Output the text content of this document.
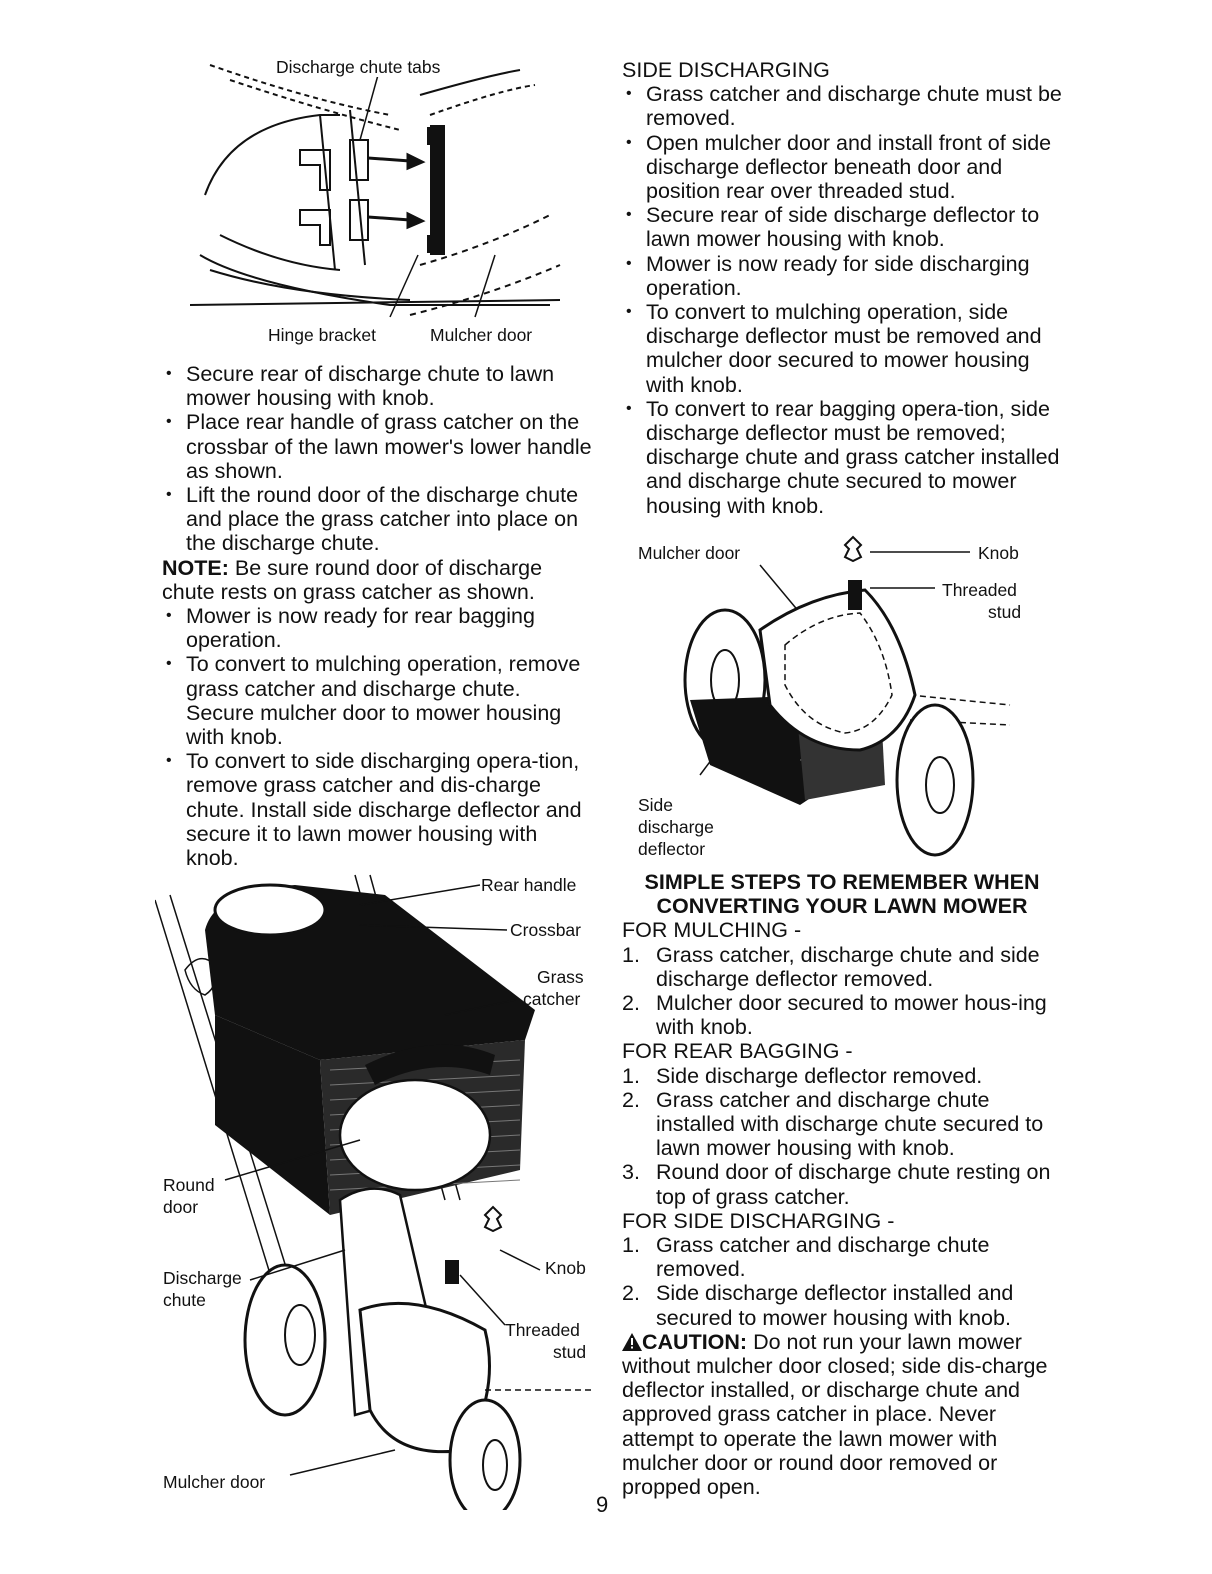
Discharge chute tabs
Hinge bracket	Mulcher door
• Secure rear of discharge chute to lawn mower housing with knob.
• Place rear handle of grass catcher on the crossbar of the lawn mower's lower handle as shown.
• Lift the round door of the discharge chute and place the grass catcher into place on the discharge chute.
NOTE: Be sure round door of discharge chute rests on grass catcher as shown.
• Mower is now ready for rear bagging operation.
• To convert to mulching operation, remove grass catcher and discharge chute. Secure mulcher door to mower housing with knob.
• To convert to side discharging opera-tion, remove grass catcher and dis-charge chute. Install side discharge deflector and secure it to lawn mower housing with knob.
Rear handle
Crossbar
Grass
catcher
Round
door
Discharge
chute
Knob
Threaded
stud
Mulcher door
9
SIDE DISCHARGING
• Grass catcher and discharge chute must be removed.
• Open mulcher door and install front of side discharge deflector beneath door and position rear over threaded stud.
• Secure rear of side discharge deflector to lawn mower housing with knob.
• Mower is now ready for side discharging operation.
• To convert to mulching operation, side discharge deflector must be removed and mulcher door secured to mower housing with knob.
• To convert to rear bagging opera-tion, side discharge deflector must be removed; discharge chute and grass catcher installed and discharge chute secured to mower housing with knob.
Mulcher door	Knob
Threaded
stud
Side
discharge
deflector
SIMPLE STEPS TO REMEMBER WHEN
CONVERTING YOUR LAWN MOWER
FOR MULCHING -
1. Grass catcher, discharge chute and side discharge deflector removed.
2. Mulcher door secured to mower hous-ing with knob.
FOR REAR BAGGING -
1. Side discharge deflector removed.
2. Grass catcher and discharge chute installed with discharge chute secured to lawn mower housing with knob.
3. Round door of discharge chute resting on top of grass catcher.
FOR SIDE DISCHARGING -
1. Grass catcher and discharge chute removed.
2. Side discharge deflector installed and secured to mower housing with knob.
CAUTION: Do not run your lawn mower without mulcher door closed; side dis-charge deflector installed, or discharge chute and approved grass catcher in place. Never attempt to operate the lawn mower with mulcher door or round door removed or propped open.
